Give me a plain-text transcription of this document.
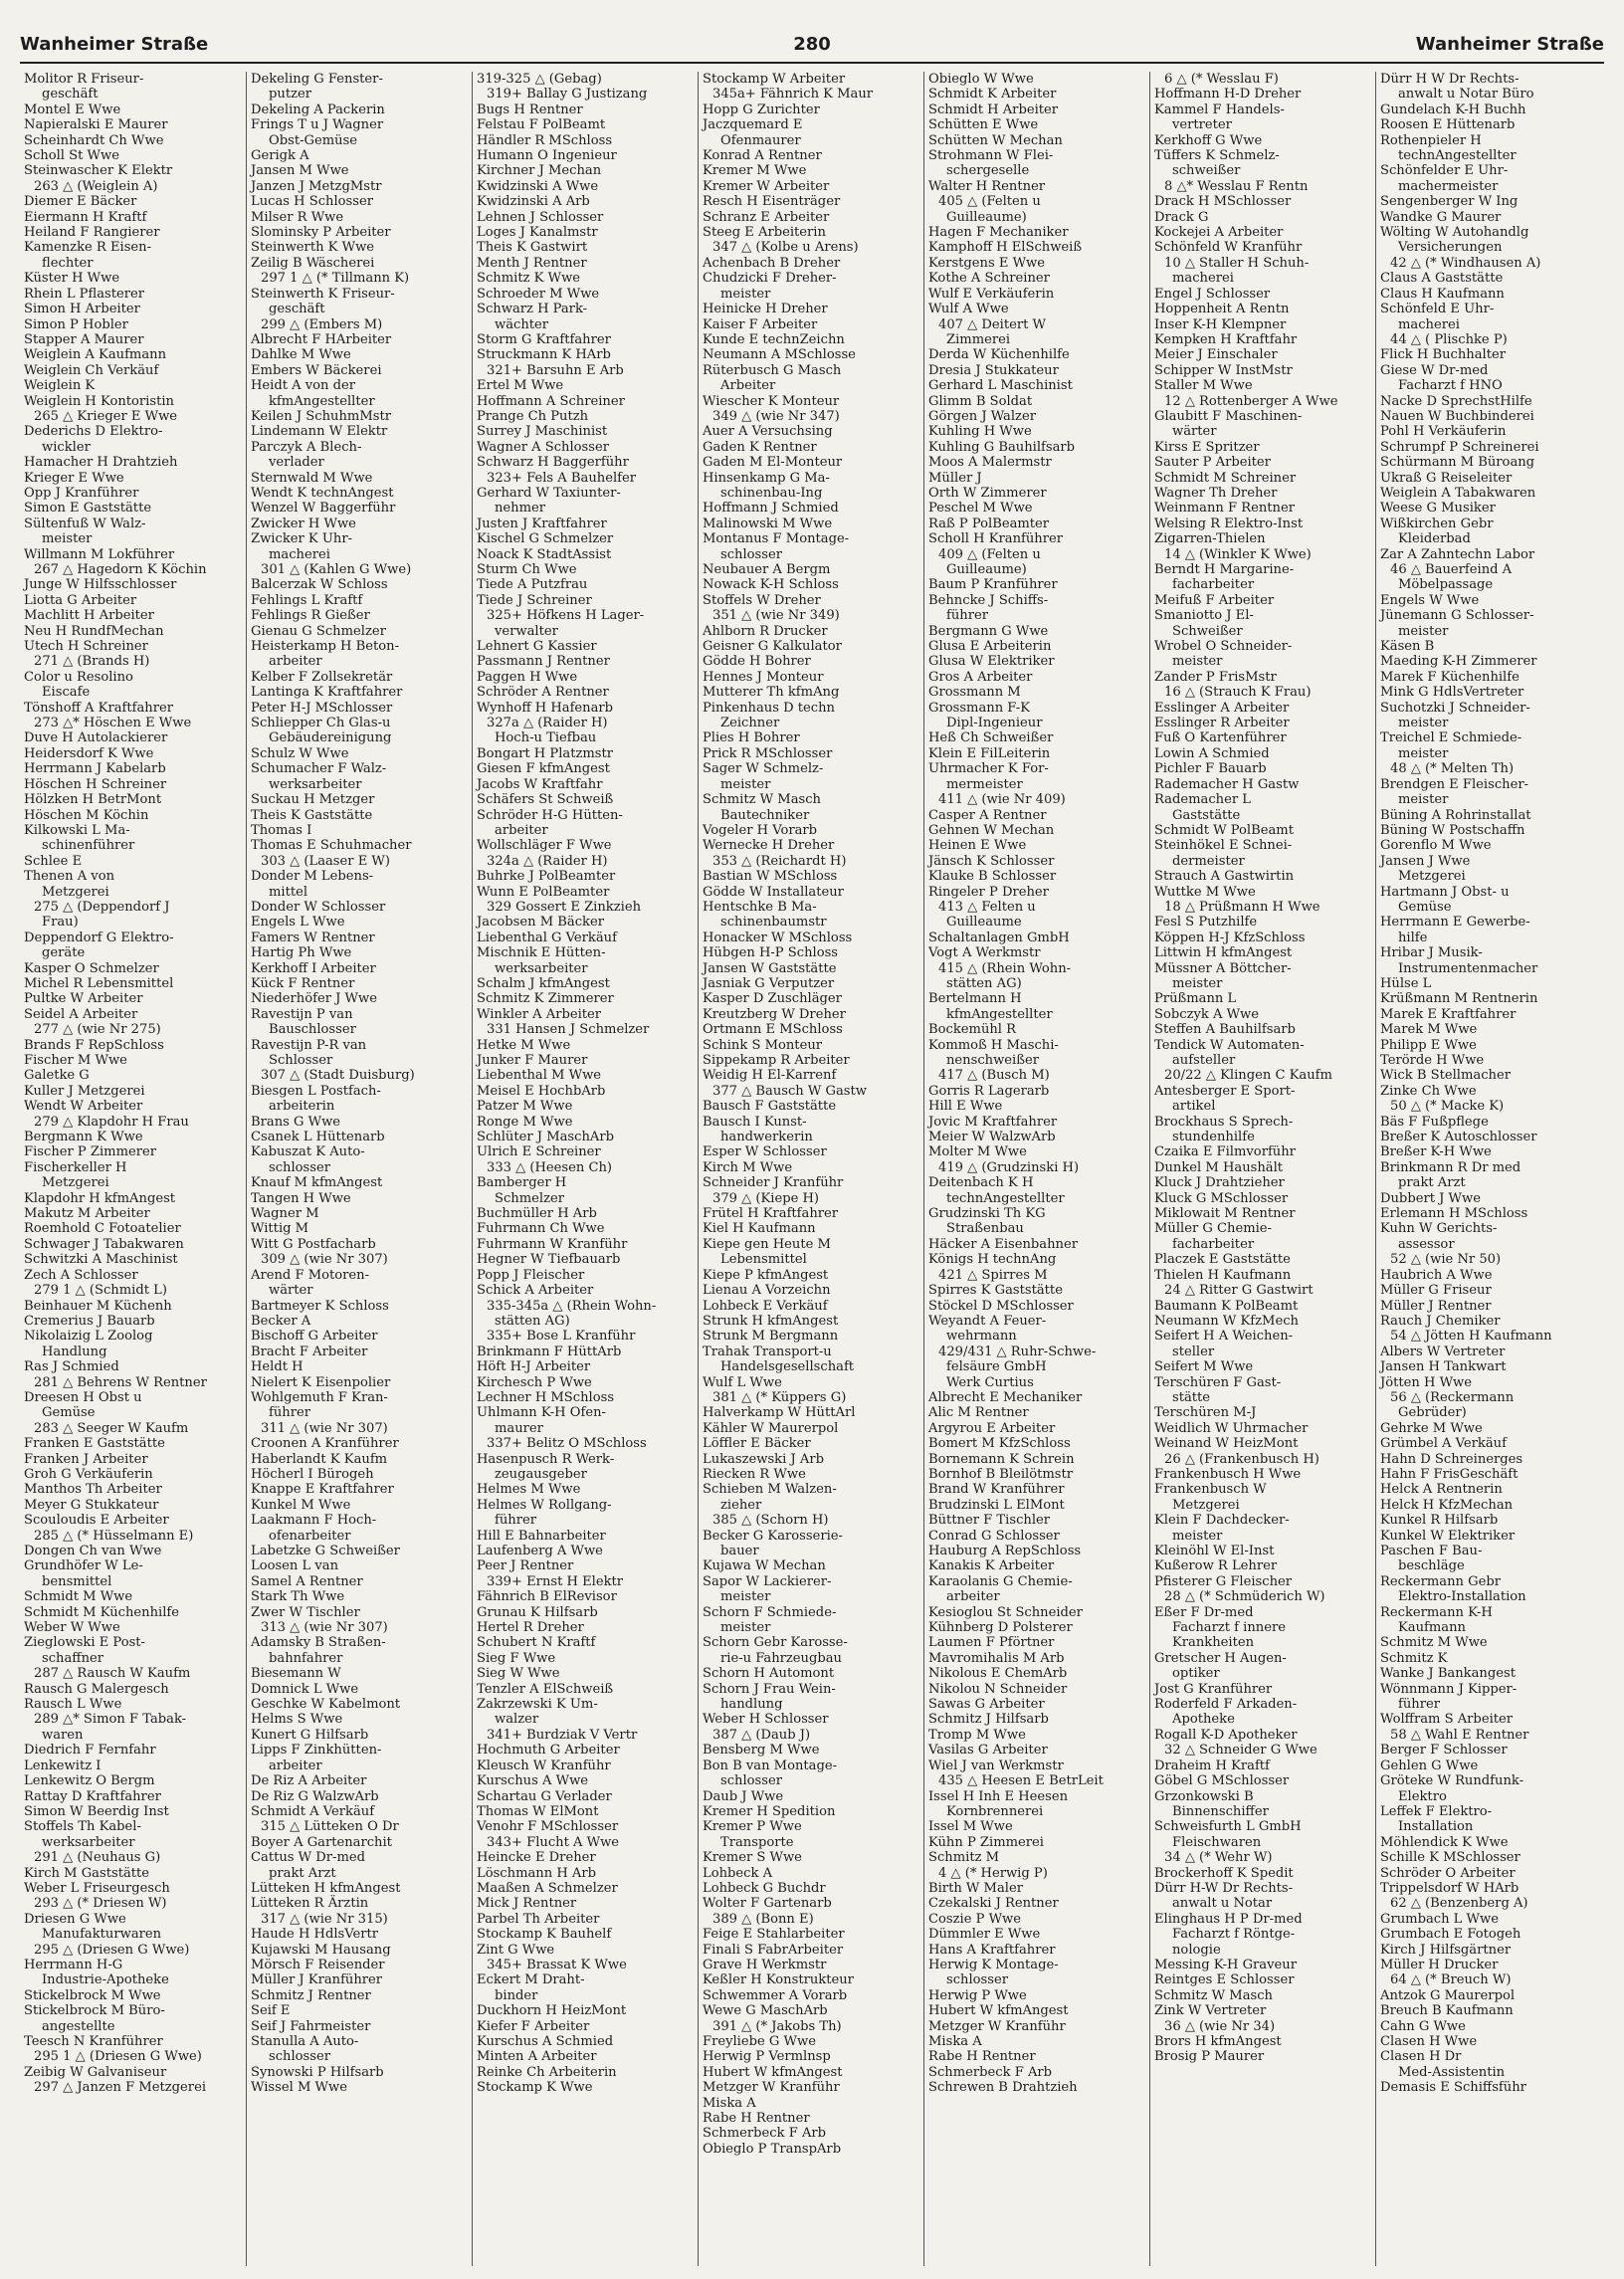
Wanheimer Straße	280	Wanheimer Straße
Molitor R Friseur-
geschäft
Montel E Wwe
Napieralski E Maurer
Scheinhardt Ch Wwe
Scholl St Wwe
Steinwascher K Elektr
263 △ (Weiglein A)
Diemer E Bäcker
Eiermann H Kraftf
Heiland F Rangierer
Kamenzke R Eisen-
flechter
Küster H Wwe
Rhein L Pflasterer
Simon H Arbeiter
Simon P Hobler
Stapper A Maurer
Weiglein A Kaufmann
Weiglein Ch Verkäuf
Weiglein K
Weiglein H Kontoristin
265 △ Krieger E Wwe
Dederichs D Elektro-
wickler
Hamacher H Drahtzieh
Krieger E Wwe
Opp J Kranführer
Simon E Gaststätte
Sültenfuß W Walz-
meister
Willmann M Lokführer
267 △ Hagedorn K Köchin
Junge W Hilfsschlosser
Liotta G Arbeiter
Machlitt H Arbeiter
Neu H RundfMechan
Utech H Schreiner
271 △ (Brands H)
Color u Resolino
Eiscafe
Tönshoff A Kraftfahrer
273 △* Höschen E Wwe
Duve H Autolackierer
Heidersdorf K Wwe
Herrmann J Kabelarb
Höschen H Schreiner
Hölzken H BetrMont
Höschen M Köchin
Kilkowski L Ma-
schinenführer
Schlee E
Thenen A von
Metzgerei
275 △ (Deppendorf J
Frau)
Deppendorf G Elektro-
geräte
Kasper O Schmelzer
Michel R Lebensmittel
Pultke W Arbeiter
Seidel A Arbeiter
277 △ (wie Nr 275)
Brands F RepSchloss
Fischer M Wwe
Galetke G
Kuller J Metzgerei
Wendt W Arbeiter
279 △ Klapdohr H Frau
Bergmann K Wwe
Fischer P Zimmerer
Fischerkeller H
Metzgerei
Klapdohr H kfmAngest
Makutz M Arbeiter
Roemhold C Fotoatelier
Schwager J Tabakwaren
Schwitzki A Maschinist
Zech A Schlosser
279 1 △ (Schmidt L)
Beinhauer M Küchenh
Cremerius J Bauarb
Nikolaizig L Zoolog
Handlung
Ras J Schmied
281 △ Behrens W Rentner
Dreesen H Obst u
Gemüse
283 △ Seeger W Kaufm
Franken E Gaststätte
Franken J Arbeiter
Groh G Verkäuferin
Manthos Th Arbeiter
Meyer G Stukkateur
Scouloudis E Arbeiter
285 △ (* Hüsselmann E)
Dongen Ch van Wwe
Grundhöfer W Le-
bensmittel
Schmidt M Wwe
Schmidt M Küchenhilfe
Weber W Wwe
Zieglowski E Post-
schaffner
287 △ Rausch W Kaufm
Rausch G Malergesch
Rausch L Wwe
289 △* Simon F Tabak-
waren
Diedrich F Fernfahr
Lenkewitz I
Lenkewitz O Bergm
Rattay D Kraftfahrer
Simon W Beerdig Inst
Stoffels Th Kabel-
werksarbeiter
291 △ (Neuhaus G)
Kirch M Gaststätte
Weber L Friseurgesch
293 △ (* Driesen W)
Driesen G Wwe
Manufakturwaren
295 △ (Driesen G Wwe)
Herrmann H-G
Industrie-Apotheke
Stickelbrock M Wwe
Stickelbrock M Büro-
angestellte
Teesch N Kranführer
295 1 △ (Driesen G Wwe)
Zeibig W Galvaniseur
297 △ Janzen F Metzgerei
Dekeling G Fenster-
putzer
Dekeling A Packerin
Frings T u J Wagner
Obst-Gemüse
Gerigk A
Jansen M Wwe
Janzen J MetzgMstr
Lucas H Schlosser
Milser R Wwe
Slominsky P Arbeiter
Steinwerth K Wwe
Zeilig B Wäscherei
297 1 △ (* Tillmann K)
Steinwerth K Friseur-
geschäft
299 △ (Embers M)
Albrecht F HArbeiter
Dahlke M Wwe
Embers W Bäckerei
Heidt A von der
kfmAngestellter
Keilen J SchuhmMstr
Lindemann W Elektr
Parczyk A Blech-
verlader
Sternwald M Wwe
Wendt K technAngest
Wenzel W Baggerführ
Zwicker H Wwe
Zwicker K Uhr-
macherei
301 △ (Kahlen G Wwe)
Balcerzak W Schloss
Fehlings L Kraftf
Fehlings R Gießer
Gienau G Schmelzer
Heisterkamp H Beton-
arbeiter
Kelber F Zollsekretär
Lantinga K Kraftfahrer
Peter H-J MSchlosser
Schliepper Ch Glas-u
Gebäudereinigung
Schulz W Wwe
Schumacher F Walz-
werksarbeiter
Suckau H Metzger
Theis K Gaststätte
Thomas I
Thomas E Schuhmacher
303 △ (Laaser E W)
Donder M Lebens-
mittel
Donder W Schlosser
Engels L Wwe
Famers W Rentner
Hartig Ph Wwe
Kerkhoff I Arbeiter
Kück F Rentner
Niederhöfer J Wwe
Ravestijn P van
Bauschlosser
Ravestijn P-R van
Schlosser
307 △ (Stadt Duisburg)
Biesgen L Postfach-
arbeiterin
Brans G Wwe
Csanek L Hüttenarb
Kabuszat K Auto-
schlosser
Knauf M kfmAngest
Tangen H Wwe
Wagner M
Wittig M
Witt G Postfacharb
309 △ (wie Nr 307)
Arend F Motoren-
wärter
Bartmeyer K Schloss
Becker A
Bischoff G Arbeiter
Bracht F Arbeiter
Heldt H
Nielert K Eisenpolier
Wohlgemuth F Kran-
führer
311 △ (wie Nr 307)
Croonen A Kranführer
Haberlandt K Kaufm
Höcherl I Bürogeh
Knappe E Kraftfahrer
Kunkel M Wwe
Laakmann F Hoch-
ofenarbeiter
Labetzke G Schweißer
Loosen L van
Samel A Rentner
Stark Th Wwe
Zwer W Tischler
313 △ (wie Nr 307)
Adamsky B Straßen-
bahnfahrer
Biesemann W
Domnick L Wwe
Geschke W Kabelmont
Helms S Wwe
Kunert G Hilfsarb
Lipps F Zinkhütten-
arbeiter
De Riz A Arbeiter
De Riz G WalzwArb
Schmidt A Verkäuf
315 △ Lütteken O Dr
Boyer A Gartenarchit
Cattus W Dr-med
prakt Arzt
Lütteken H kfmAngest
Lütteken R Ärztin
317 △ (wie Nr 315)
Haude H HdlsVertr
Kujawski M Hausang
Mörsch F Reisender
Müller J Kranführer
Schmitz J Rentner
Seif E
Seif J Fahrmeister
Stanulla A Auto-
schlosser
Synowski P Hilfsarb
Wissel M Wwe
319-325 △ (Gebag)
319+ Ballay G Justizang
Bugs H Rentner
Felstau F PolBeamt
Händler R MSchloss
Humann O Ingenieur
Kirchner J Mechan
Kwidzinski A Wwe
Kwidzinski A Arb
Lehnen J Schlosser
Loges J Kanalmstr
Theis K Gastwirt
Menth J Rentner
Schmitz K Wwe
Schroeder M Wwe
Schwarz H Park-
wächter
Storm G Kraftfahrer
Struckmann K HArb
321+ Barsuhn E Arb
Ertel M Wwe
Hoffmann A Schreiner
Prange Ch Putzh
Surrey J Maschinist
Wagner A Schlosser
Schwarz H Baggerführ
323+ Fels A Bauhelfer
Gerhard W Taxiunter-
nehmer
Justen J Kraftfahrer
Kischel G Schmelzer
Noack K StadtAssist
Sturm Ch Wwe
Tiede A Putzfrau
Tiede J Schreiner
325+ Höfkens H Lager-
verwalter
Lehnert G Kassier
Passmann J Rentner
Paggen H Wwe
Schröder A Rentner
Wynhoff H Hafenarb
327a △ (Raider H)
Hoch-u Tiefbau
Bongart H Platzmstr
Giesen F kfmAngest
Jacobs W Kraftfahr
Schäfers St Schweiß
Schröder H-G Hütten-
arbeiter
Wollschläger F Wwe
324a △ (Raider H)
Buhrke J PolBeamter
Wunn E PolBeamter
329 Gossert E Zinkzieh
Jacobsen M Bäcker
Liebenthal G Verkäuf
Mischnik E Hütten-
werksarbeiter
Schalm J kfmAngest
Schmitz K Zimmerer
Winkler A Arbeiter
331 Hansen J Schmelzer
Hetke M Wwe
Junker F Maurer
Liebenthal M Wwe
Meisel E HochbArb
Patzer M Wwe
Ronge M Wwe
Schlüter J MaschArb
Ulrich E Schreiner
333 △ (Heesen Ch)
Bamberger H
Schmelzer
Buchmüller H Arb
Fuhrmann Ch Wwe
Fuhrmann W Kranführ
Hegner W Tiefbauarb
Popp J Fleischer
Schick A Arbeiter
335-345a △ (Rhein Wohn-
stätten AG)
335+ Bose L Kranführ
Brinkmann F HüttArb
Höft H-J Arbeiter
Kirchesch P Wwe
Lechner H MSchloss
Uhlmann K-H Ofen-
maurer
337+ Belitz O MSchloss
Hasenpusch R Werk-
zeugausgeber
Helmes M Wwe
Helmes W Rollgang-
führer
Hill E Bahnarbeiter
Laufenberg A Wwe
Peer J Rentner
339+ Ernst H Elektr
Fähnrich B ElRevisor
Grunau K Hilfsarb
Hertel R Dreher
Schubert N Kraftf
Sieg F Wwe
Sieg W Wwe
Tenzler A ElSchweiß
Zakrzewski K Um-
walzer
341+ Burdziak V Vertr
Hochmuth G Arbeiter
Kleusch W Kranführ
Kurschus A Wwe
Schartau G Verlader
Thomas W ElMont
Venohr F MSchlosser
343+ Flucht A Wwe
Heincke E Dreher
Löschmann H Arb
Maaßen A Schmelzer
Mick J Rentner
Parbel Th Arbeiter
Stockamp K Bauhelf
Zint G Wwe
345+ Brassat K Wwe
Eckert M Draht-
binder
Duckhorn H HeizMont
Kiefer F Arbeiter
Kurschus A Schmied
Minten A Arbeiter
Reinke Ch Arbeiterin
Stockamp K Wwe
Stockamp W Arbeiter
345a+ Fähnrich K Maur
Hopp G Zurichter
Jaczquemard E
Ofenmaurer
Konrad A Rentner
Kremer M Wwe
Kremer W Arbeiter
Resch H Eisenträger
Schranz E Arbeiter
Steeg E Arbeiterin
347 △ (Kolbe u Arens)
Achenbach B Dreher
Chudzicki F Dreher-
meister
Heinicke H Dreher
Kaiser F Arbeiter
Kunde E technZeichn
Neumann A MSchlosse
Rüterbusch G Masch
Arbeiter
Wiescher K Monteur
349 △ (wie Nr 347)
Auer A Versuchsing
Gaden K Rentner
Gaden M El-Monteur
Hinsenkamp G Ma-
schinenbau-Ing
Hoffmann J Schmied
Malinowski M Wwe
Montanus F Montage-
schlosser
Neubauer A Bergm
Nowack K-H Schloss
Stoffels W Dreher
351 △ (wie Nr 349)
Ahlborn R Drucker
Geisner G Kalkulator
Gödde H Bohrer
Hennes J Monteur
Mutterer Th kfmAng
Pinkenhaus D techn
Zeichner
Plies H Bohrer
Prick R MSchlosser
Sager W Schmelz-
meister
Schmitz W Masch
Bautechniker
Vogeler H Vorarb
Wernecke H Dreher
353 △ (Reichardt H)
Bastian W MSchloss
Gödde W Installateur
Hentschke B Ma-
schinenbaumstr
Honacker W MSchloss
Hübgen H-P Schloss
Jansen W Gaststätte
Jasniak G Verputzer
Kasper D Zuschläger
Kreutzberg W Dreher
Ortmann E MSchloss
Schink S Monteur
Sippekamp R Arbeiter
Weidig H El-Karrenf
377 △ Bausch W Gastw
Bausch F Gaststätte
Bausch I Kunst-
handwerkerin
Esper W Schlosser
Kirch M Wwe
Schneider J Kranführ
379 △ (Kiepe H)
Frütel H Kraftfahrer
Kiel H Kaufmann
Kiepe gen Heute M
Lebensmittel
Kiepe P kfmAngest
Lienau A Vorzeichn
Lohbeck E Verkäuf
Strunk H kfmAngest
Strunk M Bergmann
Trahak Transport-u
Handelsgesellschaft
Wulf L Wwe
381 △ (* Küppers G)
Halverkamp W HüttArl
Kähler W Maurerpol
Löffler E Bäcker
Lukaszewski J Arb
Riecken R Wwe
Schieben M Walzen-
zieher
385 △ (Schorn H)
Becker G Karosserie-
bauer
Kujawa W Mechan
Sapor W Lackierer-
meister
Schorn F Schmiede-
meister
Schorn Gebr Karosse-
rie-u Fahrzeugbau
Schorn H Automont
Schorn J Frau Wein-
handlung
Weber H Schlosser
387 △ (Daub J)
Bensberg M Wwe
Bon B van Montage-
schlosser
Daub J Wwe
Kremer H Spedition
Kremer P Wwe
Transporte
Kremer S Wwe
Lohbeck A
Lohbeck G Buchdr
Wolter F Gartenarb
389 △ (Bonn E)
Feige E Stahlarbeiter
Finali S FabrArbeiter
Grave H Werkmstr
Keßler H Konstrukteur
Schwemmer A Vorarb
Wewe G MaschArb
391 △ (* Jakobs Th)
Freyliebe G Wwe
Herwig P Vermlnsp
Hubert W kfmAngest
Metzger W Kranführ
Miska A
Rabe H Rentner
Schmerbeck F Arb
Obieglo P TranspArb
Obieglo W Wwe
Schmidt K Arbeiter
Schmidt H Arbeiter
Schütten E Wwe
Schütten W Mechan
Strohmann W Flei-
schergeselle
Walter H Rentner
405 △ (Felten u
Guilleaume)
Hagen F Mechaniker
Kamphoff H ElSchweiß
Kerstgens E Wwe
Kothe A Schreiner
Wulf E Verkäuferin
Wulf A Wwe
407 △ Deitert W
Zimmerei
Derda W Küchenhilfe
Dresia J Stukkateur
Gerhard L Maschinist
Glimm B Soldat
Görgen J Walzer
Kuhling H Wwe
Kuhling G Bauhilfsarb
Moos A Malermstr
Müller J
Orth W Zimmerer
Peschel M Wwe
Raß P PolBeamter
Scholl H Kranführer
409 △ (Felten u
Guilleaume)
Baum P Kranführer
Behncke J Schiffs-
führer
Bergmann G Wwe
Glusa E Arbeiterin
Glusa W Elektriker
Gros A Arbeiter
Grossmann M
Grossmann F-K
Dipl-Ingenieur
Heß Ch Schweißer
Klein E FilLeiterin
Uhrmacher K For-
mermeister
411 △ (wie Nr 409)
Casper A Rentner
Gehnen W Mechan
Heinen E Wwe
Jänsch K Schlosser
Klauke B Schlosser
Ringeler P Dreher
413 △ Felten u
Guilleaume
Schaltanlagen GmbH
Vogt A Werkmstr
415 △ (Rhein Wohn-
stätten AG)
Bertelmann H
kfmAngestellter
Bockemühl R
Kommoß H Maschi-
nenschweißer
417 △ (Busch M)
Gorris R Lagerarb
Hill E Wwe
Jovic M Kraftfahrer
Meier W WalzwArb
Molter M Wwe
419 △ (Grudzinski H)
Deitenbach K H
technAngestellter
Grudzinski Th KG
Straßenbau
Häcker A Eisenbahner
Königs H technAng
421 △ Spirres M
Spirres K Gaststätte
Stöckel D MSchlosser
Weyandt A Feuer-
wehrmann
429/431 △ Ruhr-Schwe-
felsäure GmbH
Werk Curtius
Albrecht E Mechaniker
Alic M Rentner
Argyrou E Arbeiter
Bomert M KfzSchloss
Bornemann K Schrein
Bornhof B Bleilötmstr
Brand W Kranführer
Brudzinski L ElMont
Büttner F Tischler
Conrad G Schlosser
Hauburg A RepSchloss
Kanakis K Arbeiter
Karaolanis G Chemie-
arbeiter
Kesioglou St Schneider
Kühnberg D Polsterer
Laumen F Pförtner
Mavromihalis M Arb
Nikolous E ChemArb
Nikolou N Schneider
Sawas G Arbeiter
Schmitz J Hilfsarb
Tromp M Wwe
Vasilas G Arbeiter
Wiel J van Werkmstr
435 △ Heesen E BetrLeit
Issel H Inh E Heesen
Kornbrennerei
Issel M Wwe
Kühn P Zimmerei
Schmitz M
4 △ (* Herwig P)
Birth W Maler
Czekalski J Rentner
Coszie P Wwe
Dümmler E Wwe
Hans A Kraftfahrer
Herwig K Montage-
schlosser
Herwig P Wwe
Hubert W kfmAngest
Metzger W Kranführ
Miska A
Rabe H Rentner
Schmerbeck F Arb
Schrewen B Drahtzieh
6 △ (* Wesslau F)
Hoffmann H-D Dreher
Kammel F Handels-
vertreter
Kerkhoff G Wwe
Tüffers K Schmelz-
schweißer
8 △* Wesslau F Rentn
Drack H MSchlosser
Drack G
Kockejei A Arbeiter
Schönfeld W Kranführ
10 △ Staller H Schuh-
macherei
Engel J Schlosser
Hoppenheit A Rentn
Inser K-H Klempner
Kempken H Kraftfahr
Meier J Einschaler
Schipper W InstMstr
Staller M Wwe
12 △ Rottenberger A Wwe
Glaubitt F Maschinen-
wärter
Kirss E Spritzer
Sauter P Arbeiter
Schmidt M Schreiner
Wagner Th Dreher
Weinmann F Rentner
Welsing R Elektro-Inst
Zigarren-Thielen
14 △ (Winkler K Wwe)
Berndt H Margarine-
facharbeiter
Meifuß F Arbeiter
Smaniotto J El-
Schweißer
Wrobel O Schneider-
meister
Zander P FrisMstr
16 △ (Strauch K Frau)
Esslinger A Arbeiter
Esslinger R Arbeiter
Fuß O Kartenführer
Lowin A Schmied
Pichler F Bauarb
Rademacher H Gastw
Rademacher L
Gaststätte
Schmidt W PolBeamt
Steinhökel E Schnei-
dermeister
Strauch A Gastwirtin
Wuttke M Wwe
18 △ Prüßmann H Wwe
Fesl S Putzhilfe
Köppen H-J KfzSchloss
Littwin H kfmAngest
Müssner A Böttcher-
meister
Prüßmann L
Sobczyk A Wwe
Steffen A Bauhilfsarb
Tendick W Automaten-
aufsteller
20/22 △ Klingen C Kaufm
Antesberger E Sport-
artikel
Brockhaus S Sprech-
stundenhilfe
Czaika E Filmvorführ
Dunkel M Haushält
Kluck J Drahtzieher
Kluck G MSchlosser
Miklowait M Rentner
Müller G Chemie-
facharbeiter
Placzek E Gaststätte
Thielen H Kaufmann
24 △ Ritter G Gastwirt
Baumann K PolBeamt
Neumann W KfzMech
Seifert H A Weichen-
steller
Seifert M Wwe
Terschüren F Gast-
stätte
Terschüren M-J
Weidlich W Uhrmacher
Weinand W HeizMont
26 △ (Frankenbusch H)
Frankenbusch H Wwe
Frankenbusch W
Metzgerei
Klein F Dachdecker-
meister
Kleinöhl W El-Inst
Kußerow R Lehrer
Pfisterer G Fleischer
28 △ (* Schmüderich W)
Eßer F Dr-med
Facharzt f innere
Krankheiten
Gretscher H Augen-
optiker
Jost G Kranführer
Roderfeld F Arkaden-
Apotheke
Rogall K-D Apotheker
32 △ Schneider G Wwe
Draheim H Kraftf
Göbel G MSchlosser
Grzonkowski B
Binnenschiffer
Schweisfurth L GmbH
Fleischwaren
34 △ (* Wehr W)
Brockerhoff K Spedit
Dürr H-W Dr Rechts-
anwalt u Notar
Elinghaus H P Dr-med
Facharzt f Röntge-
nologie
Messing K-H Graveur
Reintges E Schlosser
Schmitz W Masch
Zink W Vertreter
36 △ (wie Nr 34)
Brors H kfmAngest
Brosig P Maurer
Dürr H W Dr Rechts-
anwalt u Notar Büro
Gundelach K-H Buchh
Roosen E Hüttenarb
Rothenpieler H
technAngestellter
Schönfelder E Uhr-
machermeister
Sengenberger W Ing
Wandke G Maurer
Wölting W Autohandlg
Versicherungen
42 △ (* Windhausen A)
Claus A Gaststätte
Claus H Kaufmann
Schönfeld E Uhr-
macherei
44 △ ( Plischke P)
Flick H Buchhalter
Giese W Dr-med
Facharzt f HNO
Nacke D SprechstHilfe
Nauen W Buchbinderei
Pohl H Verkäuferin
Schrumpf P Schreinerei
Schürmann M Büroang
Ukraß G Reiseleiter
Weiglein A Tabakwaren
Weese G Musiker
Wißkirchen Gebr
Kleiderbad
Zar A Zahntechn Labor
46 △ Bauerfeind A
Möbelpassage
Engels W Wwe
Jünemann G Schlosser-
meister
Käsen B
Maeding K-H Zimmerer
Marek F Küchenhilfe
Mink G HdlsVertreter
Suchotzki J Schneider-
meister
Treichel E Schmiede-
meister
48 △ (* Melten Th)
Brendgen E Fleischer-
meister
Büning A Rohrinstallat
Büning W Postschaffn
Gorenflo M Wwe
Jansen J Wwe
Metzgerei
Hartmann J Obst- u
Gemüse
Herrmann E Gewerbe-
hilfe
Hribar J Musik-
Instrumentenmacher
Hülse L
Krüßmann M Rentnerin
Marek E Kraftfahrer
Marek M Wwe
Philipp E Wwe
Terörde H Wwe
Wick B Stellmacher
Zinke Ch Wwe
50 △ (* Macke K)
Bäs F Fußpflege
Breßer K Autoschlosser
Breßer K-H Wwe
Brinkmann R Dr med
prakt Arzt
Dubbert J Wwe
Erlemann H MSchloss
Kuhn W Gerichts-
assessor
52 △ (wie Nr 50)
Haubrich A Wwe
Müller G Friseur
Müller J Rentner
Rauch J Chemiker
54 △ Jötten H Kaufmann
Albers W Vertreter
Jansen H Tankwart
Jötten H Wwe
56 △ (Reckermann
Gebrüder)
Gehrke M Wwe
Grümbel A Verkäuf
Hahn D Schreinerges
Hahn F FrisGeschäft
Helck A Rentnerin
Helck H KfzMechan
Kunkel R Hilfsarb
Kunkel W Elektriker
Paschen F Bau-
beschläge
Reckermann Gebr
Elektro-Installation
Reckermann K-H
Kaufmann
Schmitz M Wwe
Schmitz K
Wanke J Bankangest
Wönnmann J Kipper-
führer
Wolffram S Arbeiter
58 △ Wahl E Rentner
Berger F Schlosser
Gehlen G Wwe
Gröteke W Rundfunk-
Elektro
Leffek F Elektro-
Installation
Möhlendick K Wwe
Schille K MSchlosser
Schröder O Arbeiter
Trippelsdorf W HArb
62 △ (Benzenberg A)
Grumbach L Wwe
Grumbach E Fotogeh
Kirch J Hilfsgärtner
Müller H Drucker
64 △ (* Breuch W)
Antzok G Maurerpol
Breuch B Kaufmann
Cahn G Wwe
Clasen H Wwe
Clasen H Dr
Med-Assistentin
Demasis E Schiffsführ
